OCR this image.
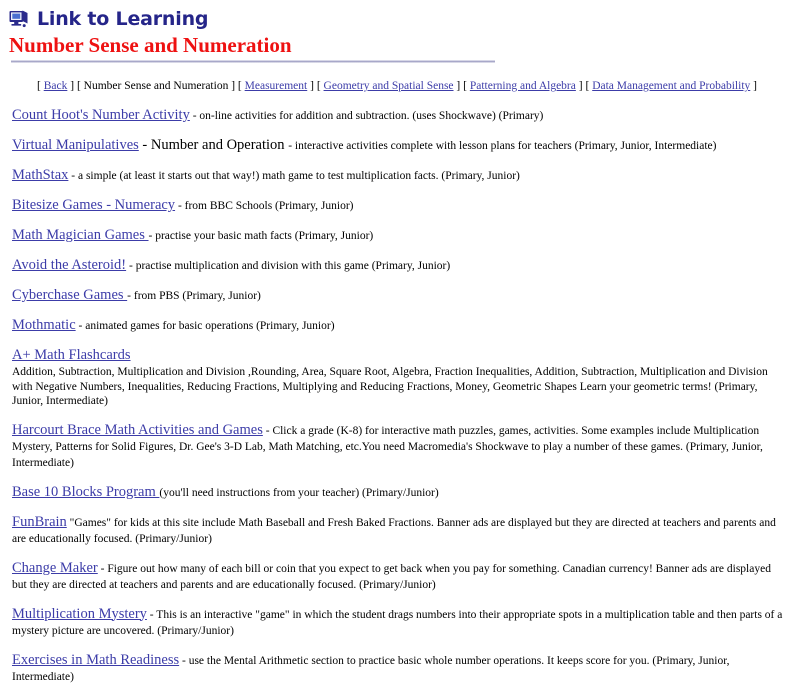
Link to Learning
Number Sense and Numeration
[ Back ] [ Number Sense and Numeration ] [ Measurement ] [ Geometry and Spatial Sense ] [ Patterning and Algebra ] [ Data Management and Probability ]
Count Hoot's Number Activity - on-line activities for addition and subtraction. (uses Shockwave) (Primary)
Virtual Manipulatives - Number and Operation - interactive activities complete with lesson plans for teachers (Primary, Junior, Intermediate)
MathStax - a simple (at least it starts out that way!) math game to test multiplication facts. (Primary, Junior)
Bitesize Games - Numeracy - from BBC Schools (Primary, Junior)
Math Magician Games - practise your basic math facts (Primary, Junior)
Avoid the Asteroid! - practise multiplication and division with this game (Primary, Junior)
Cyberchase Games - from PBS (Primary, Junior)
Mothmatic - animated games for basic operations (Primary, Junior)
A+ Math Flashcards
Addition, Subtraction, Multiplication and Division ,Rounding, Area, Square Root, Algebra, Fraction Inequalities, Addition, Subtraction, Multiplication and Division with Negative Numbers, Inequalities, Reducing Fractions, Multiplying and Reducing Fractions, Money, Geometric Shapes Learn your geometric terms! (Primary, Junior, Intermediate)
Harcourt Brace Math Activities and Games - Click a grade (K-8) for interactive math puzzles, games, activities. Some examples include Multiplication Mystery, Patterns for Solid Figures, Dr. Gee's 3-D Lab, Math Matching, etc.You need Macromedia's Shockwave to play a number of these games. (Primary, Junior, Intermediate)
Base 10 Blocks Program (you'll need instructions from your teacher) (Primary/Junior)
FunBrain "Games" for kids at this site include Math Baseball and Fresh Baked Fractions. Banner ads are displayed but they are directed at teachers and parents and are educationally focused. (Primary/Junior)
Change Maker - Figure out how many of each bill or coin that you expect to get back when you pay for something. Canadian currency! Banner ads are displayed but they are directed at teachers and parents and are educationally focused. (Primary/Junior)
Multiplication Mystery - This is an interactive "game" in which the student drags numbers into their appropriate spots in a multiplication table and then parts of a mystery picture are uncovered. (Primary/Junior)
Exercises in Math Readiness - use the Mental Arithmetic section to practice basic whole number operations. It keeps score for you. (Primary, Junior, Intermediate)
